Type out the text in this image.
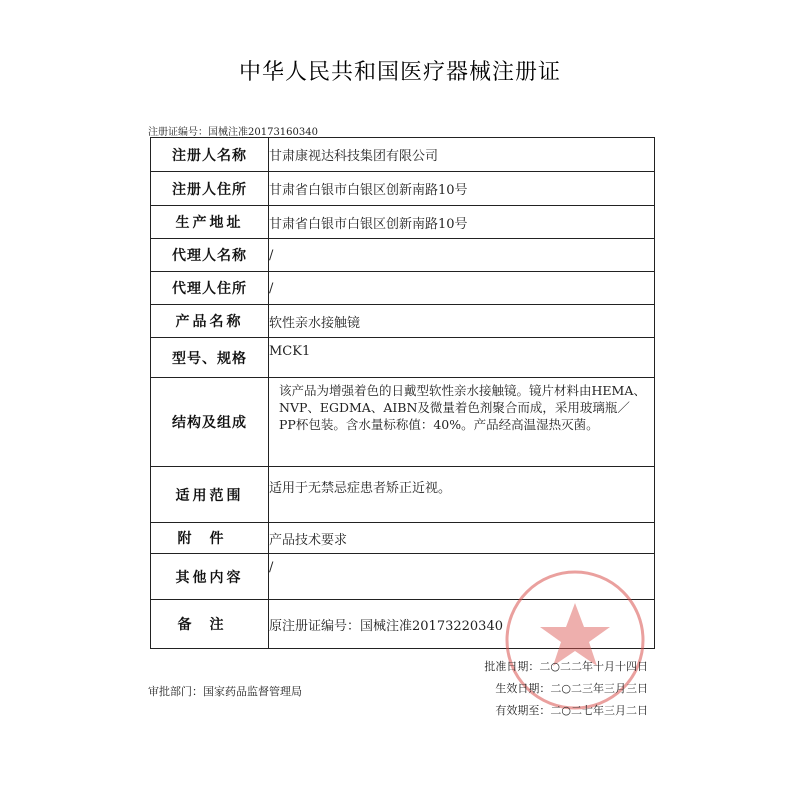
中华人民共和国医疗器械注册证
注册证编号：国械注准20173160340
注册人名称	甘肃康视达科技集团有限公司
注册人住所	甘肃省白银市白银区创新南路10号
生产地址	甘肃省白银市白银区创新南路10号
代理人名称	/
代理人住所	/
产品名称	软性亲水接触镜
型号、规格	MCK1
结构及组成	该产品为增强着色的日戴型软性亲水接触镜。镜片材料由HEMA、NVP、EGDMA、AIBN及微量着色剂聚合而成，采用玻璃瓶／PP杯包装。含水量标称值：40%。产品经高温湿热灭菌。
适用范围	适用于无禁忌症患者矫正近视。
附件	产品技术要求
其他内容	/
备注	原注册证编号：国械注准20173220340
审批部门：国家药品监督管理局
批准日期：二○二二年十月十四日
生效日期：二○二三年三月三日
有效期至：二○二七年三月二日
